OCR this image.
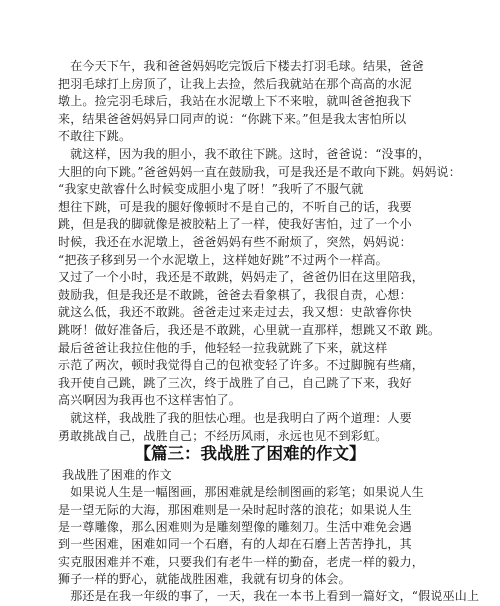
　在今天下午，我和爸爸妈妈吃完饭后下楼去打羽毛球。结果，爸爸
把羽毛球打上房顶了，让我上去捡，然后我就站在那个高高的水泥
墩上。捡完羽毛球后，我站在水泥墩上下不来啦，就叫爸爸抱我下
来，结果爸爸妈妈异口同声的说：“你跳下来。”但是我太害怕所以
不敢往下跳。
　就这样，因为我的胆小，我不敢往下跳。这时，爸爸说：“没事的，
大胆的向下跳。”爸爸妈妈一直在鼓励我，可是我还是不敢向下跳。妈妈说：
“我家史歆睿什么时候变成胆小鬼了呀！”我听了不服气就
想往下跳，可是我的腿好像顿时不是自己的，不听自己的话，我要
跳，但是我的脚就像是被胶粘上了一样，使我好害怕，过了一个小
时候，我还在水泥墩上，爸爸妈妈有些不耐烦了，突然，妈妈说：
“把孩子移到另一个水泥墩上，这样她好跳”不过两个一样高。
又过了一个小时，我还是不敢跳，妈妈走了，爸爸仍旧在这里陪我，
鼓励我，但是我还是不敢跳，爸爸去看象棋了，我很自责，心想：
就这么低，我还不敢跳。爸爸走过来走过去，我又想：史歆睿你快
跳呀！做好准备后，我还是不敢跳，心里就一直那样，想跳又不敢 跳。
最后爸爸让我拉住他的手，他轻轻一拉我就跳了下来，就这样
示范了两次，顿时我觉得自己的包袱变轻了许多。不过脚腕有些痛，
我开使自己跳，跳了三次，终于战胜了自己，自己跳了下来，我好
高兴啊因为我再也不这样害怕了。
　就这样，我战胜了我的胆怯心理。也是我明白了两个道理：人要
勇敢挑战自己，战胜自己；不经历风雨，永远也见不到彩虹。
【篇三：我战胜了困难的作文】
我战胜了困难的作文
　如果说人生是一幅图画，那困难就是绘制图画的彩笔；如果说人生
是一望无际的大海，那困难则是一朵时起时落的浪花；如果说人生
是一尊雕像，那么困难则为是雕刻塑像的雕刻刀。生活中难免会遇
到一些困难，困难如同一个石磨，有的人却在石磨上苦苦挣扎，其
实克服困难并不难，只要我们有老牛一样的勤奋，老虎一样的毅力，
狮子一样的野心，就能战胜困难，我就有切身的体会。
　那还是在我一年级的事了，一天，我在一本书上看到一篇好文，“假说巫山上
